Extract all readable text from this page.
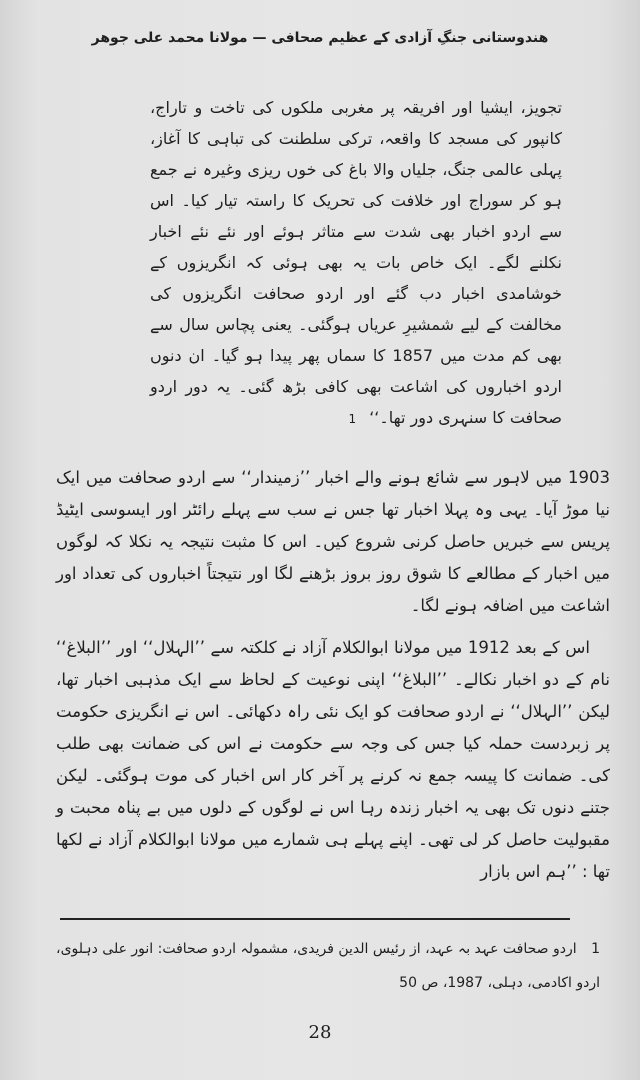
ھندوستانی جنگِ آزادی کے عظیم صحافی — مولانا محمد علی جوھر
تجویز، ایشیا اور افریقہ پر مغربی ملکوں کی تاخت و تاراج، کانپور کی مسجد کا واقعہ، ترکی سلطنت کی تباہی کا آغاز، پہلی عالمی جنگ، جلیاں والا باغ کی خوں ریزی وغیرہ نے جمع ہو کر سوراج اور خلافت کی تحریک کا راستہ تیار کیا۔ اس سے اردو اخبار بھی شدت سے متاثر ہوئے اور نئے نئے اخبار نکلنے لگے۔ ایک خاص بات یہ بھی ہوئی کہ انگریزوں کے خوشامدی اخبار دب گئے اور اردو صحافت انگریزوں کی مخالفت کے لیے شمشیرِ عریاں ہوگئی۔ یعنی پچاس سال سے بھی کم مدت میں 1857 کا سماں پھر پیدا ہو گیا۔ ان دنوں اردو اخباروں کی اشاعت بھی کافی بڑھ گئی۔ یہ دور اردو صحافت کا سنہری دور تھا۔‘‘ 1

1903 میں لاہور سے شائع ہونے والے اخبار ’’زمیندار‘‘ سے اردو صحافت میں ایک نیا موڑ آیا۔ یہی وہ پہلا اخبار تھا جس نے سب سے پہلے رائٹر اور ایسوسی ایٹیڈ پریس سے خبریں حاصل کرنی شروع کیں۔ اس کا مثبت نتیجہ یہ نکلا کہ لوگوں میں اخبار کے مطالعے کا شوق روز بروز بڑھنے لگا اور نتیجتاً اخباروں کی تعداد اور اشاعت میں اضافہ ہونے لگا۔

اس کے بعد 1912 میں مولانا ابوالکلام آزاد نے کلکتہ سے ’’الہلال‘‘ اور ’’البلاغ‘‘ نام کے دو اخبار نکالے۔ ’’البلاغ‘‘ اپنی نوعیت کے لحاظ سے ایک مذہبی اخبار تھا، لیکن ’’الہلال‘‘ نے اردو صحافت کو ایک نئی راہ دکھائی۔ اس نے انگریزی حکومت پر زبردست حملہ کیا جس کی وجہ سے حکومت نے اس کی ضمانت بھی طلب کی۔ ضمانت کا پیسہ جمع نہ کرنے پر آخر کار اس اخبار کی موت ہوگئی۔ لیکن جتنے دنوں تک بھی یہ اخبار زندہ رہا اس نے لوگوں کے دلوں میں بے پناہ محبت و مقبولیت حاصل کر لی تھی۔ اپنے پہلے ہی شمارے میں مولانا ابوالکلام آزاد نے لکھا تھا : ’’ہم اس بازار

1 اردو صحافت عہد بہ عہد، از رئیس الدین فریدی، مشمولہ اردو صحافت: انور علی دہلوی، اردو اکادمی، دہلی، 1987، ص 50
28
